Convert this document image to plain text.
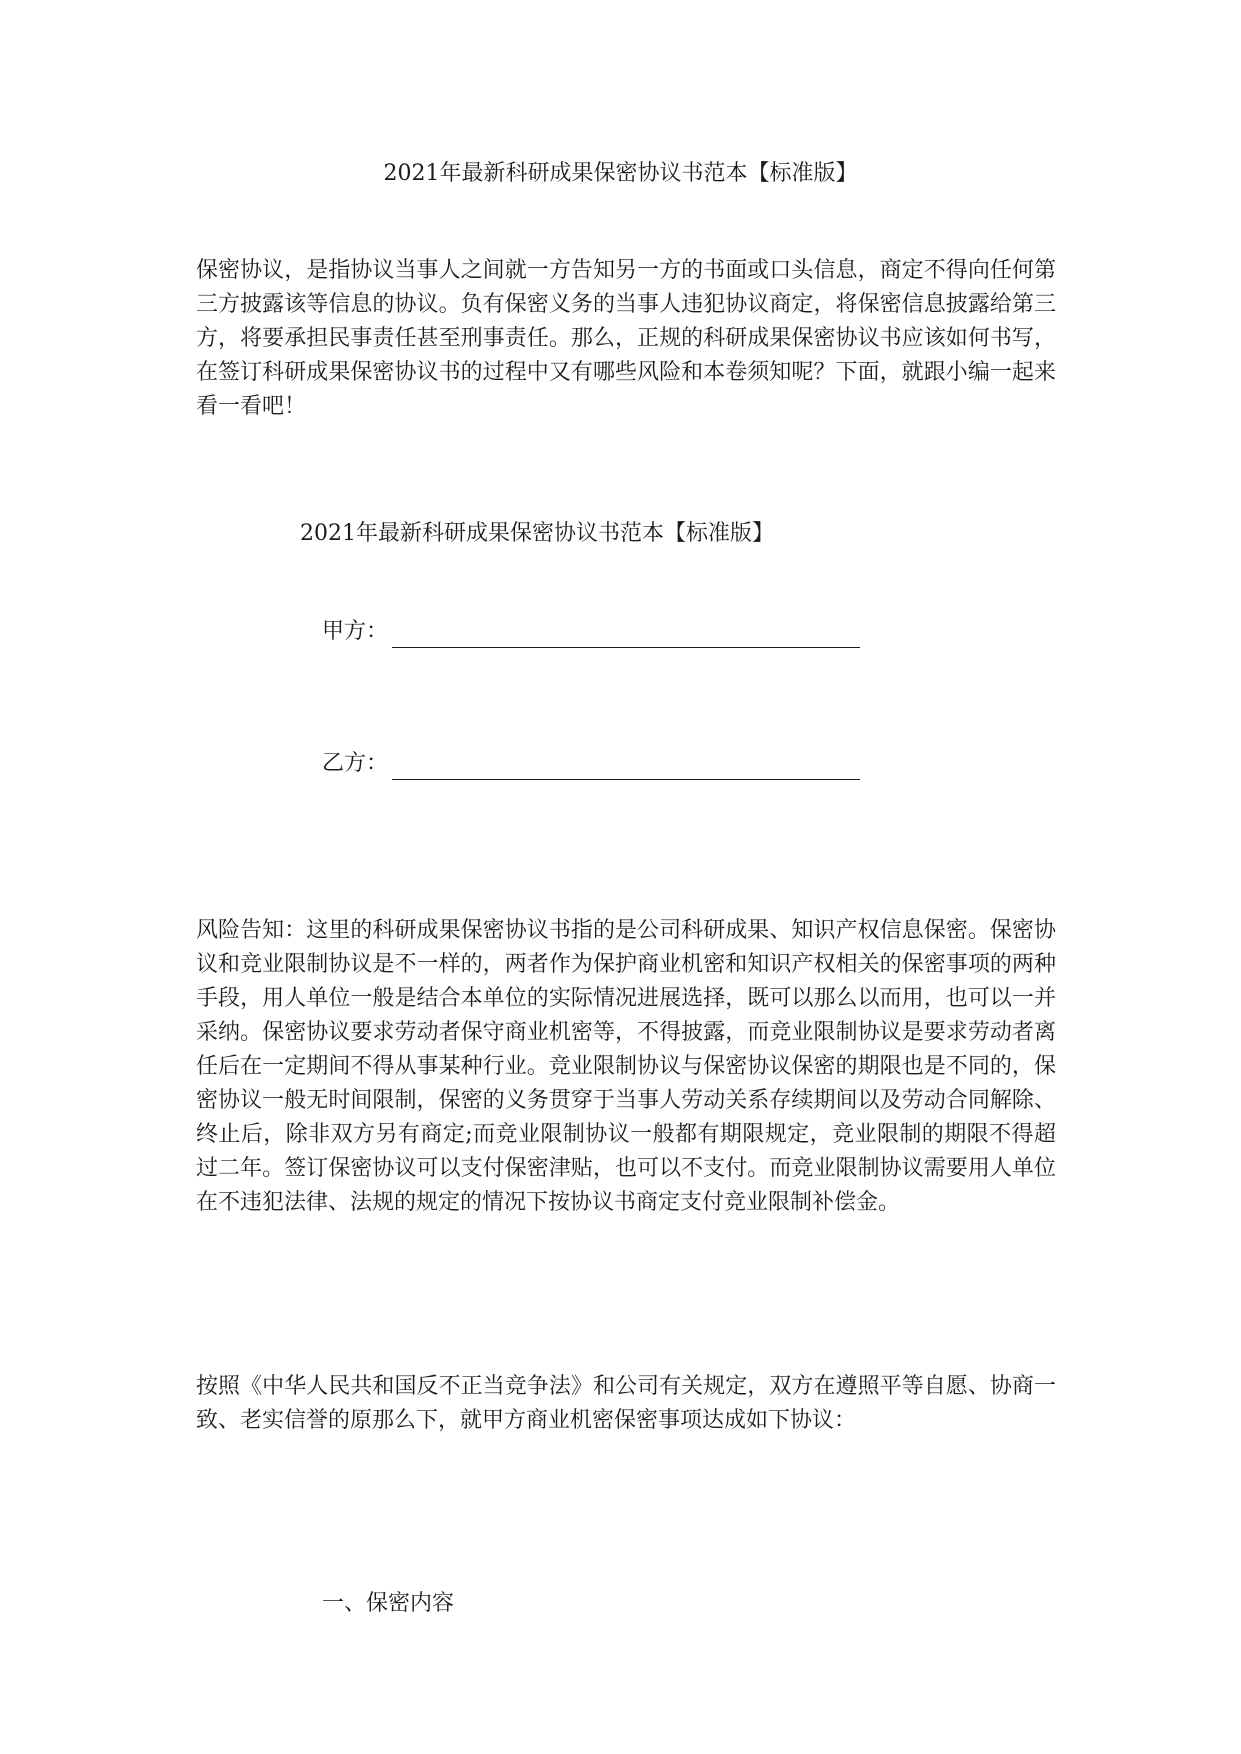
2021年最新科研成果保密协议书范本【标准版】

保密协议，是指协议当事人之间就一方告知另一方的书面或口头信息，商定不得向任何第三方披露该等信息的协议。负有保密义务的当事人违犯协议商定，将保密信息披露给第三方，将要承担民事责任甚至刑事责任。那么，正规的科研成果保密协议书应该如何书写，在签订科研成果保密协议书的过程中又有哪些风险和本卷须知呢？下面，就跟小编一起来看一看吧！

2021年最新科研成果保密协议书范本【标准版】
甲方：
乙方：

风险告知：这里的科研成果保密协议书指的是公司科研成果、知识产权信息保密。保密协议和竞业限制协议是不一样的，两者作为保护商业机密和知识产权相关的保密事项的两种手段，用人单位一般是结合本单位的实际情况进展选择，既可以那么以而用，也可以一并采纳。保密协议要求劳动者保守商业机密等，不得披露，而竞业限制协议是要求劳动者离任后在一定期间不得从事某种行业。竞业限制协议与保密协议保密的期限也是不同的，保密协议一般无时间限制，保密的义务贯穿于当事人劳动关系存续期间以及劳动合同解除、终止后，除非双方另有商定;而竞业限制协议一般都有期限规定，竞业限制的期限不得超过二年。签订保密协议可以支付保密津贴，也可以不支付。而竞业限制协议需要用人单位在不违犯法律、法规的规定的情况下按协议书商定支付竞业限制补偿金。

按照《中华人民共和国反不正当竞争法》和公司有关规定，双方在遵照平等自愿、协商一致、老实信誉的原那么下，就甲方商业机密保密事项达成如下协议：

一、保密内容
